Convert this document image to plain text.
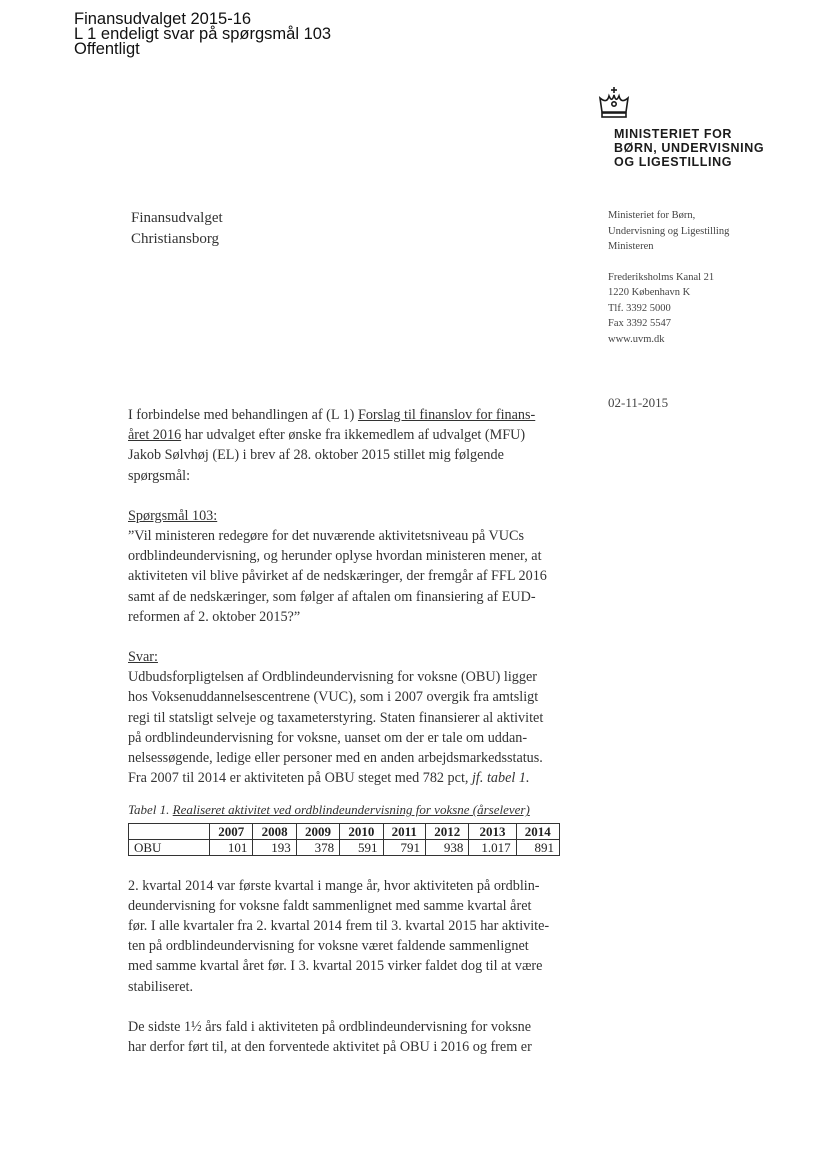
Finansudvalget 2015-16
L 1 endeligt svar på spørgsmål 103
Offentligt
MINISTERIET FOR
BØRN, UNDERVISNING
OG LIGESTILLING
Finansudvalget
Christiansborg
Ministeriet for Børn,
Undervisning og Ligestilling
Ministeren
Frederiksholms Kanal 21
1220 København K
Tlf. 3392 5000
Fax 3392 5547
www.uvm.dk
02-11-2015
I forbindelse med behandlingen af (L 1) Forslag til finanslov for finans-
året 2016 har udvalget efter ønske fra ikkemedlem af udvalget (MFU)
Jakob Sølvhøj (EL) i brev af 28. oktober 2015 stillet mig følgende
spørgsmål:
Spørgsmål 103:
”Vil ministeren redegøre for det nuværende aktivitetsniveau på VUCs
ordblindeundervisning, og herunder oplyse hvordan ministeren mener, at
aktiviteten vil blive påvirket af de nedskæringer, der fremgår af FFL 2016
samt af de nedskæringer, som følger af aftalen om finansiering af EUD-
reformen af 2. oktober 2015?”
Svar:
Udbudsforpligtelsen af Ordblindeundervisning for voksne (OBU) ligger
hos Voksenuddannelsescentrene (VUC), som i 2007 overgik fra amtsligt
regi til statsligt selveje og taxameterstyring. Staten finansierer al aktivitet
på ordblindeundervisning for voksne, uanset om der er tale om uddan-
nelsessøgende, ledige eller personer med en anden arbejdsmarkedsstatus.
Fra 2007 til 2014 er aktiviteten på OBU steget med 782 pct, jf. tabel 1.
Tabel 1. Realiseret aktivitet ved ordblindeundervisning for voksne (årselever)
	2007	2008	2009	2010	2011	2012	2013	2014
OBU	101	193	378	591	791	938	1.017	891
2. kvartal 2014 var første kvartal i mange år, hvor aktiviteten på ordblin-
deundervisning for voksne faldt sammenlignet med samme kvartal året
før. I alle kvartaler fra 2. kvartal 2014 frem til 3. kvartal 2015 har aktivite-
ten på ordblindeundervisning for voksne været faldende sammenlignet
med samme kvartal året før. I 3. kvartal 2015 virker faldet dog til at være
stabiliseret.
De sidste 1½ års fald i aktiviteten på ordblindeundervisning for voksne
har derfor ført til, at den forventede aktivitet på OBU i 2016 og frem er
